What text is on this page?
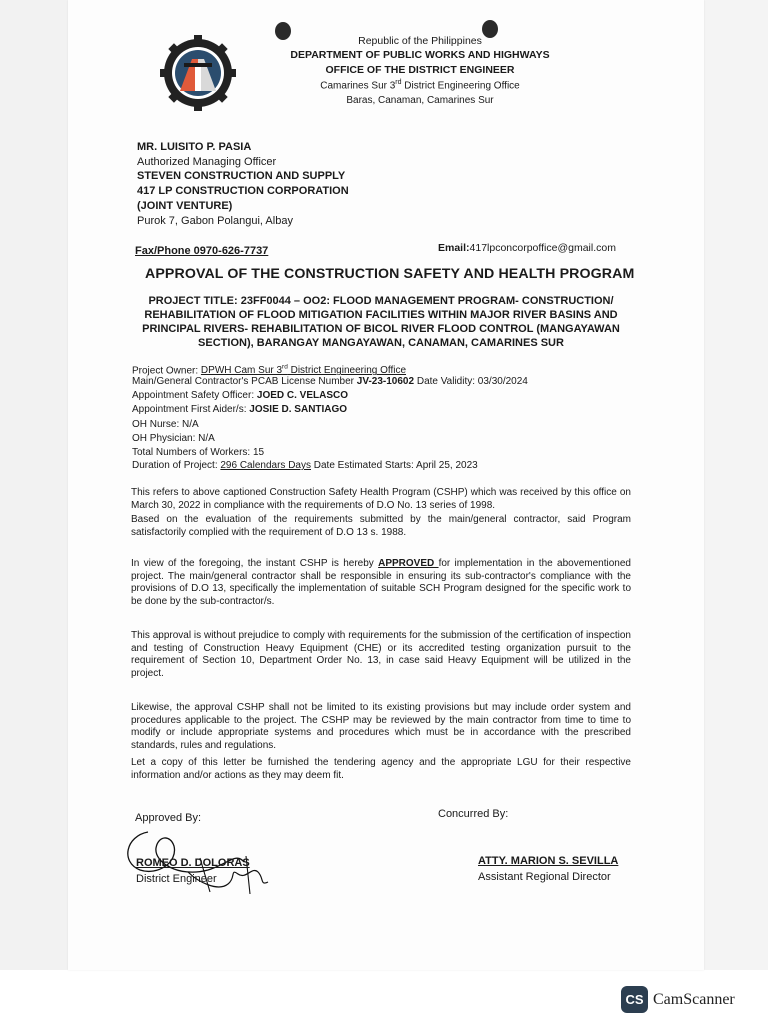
Republic of the Philippines
DEPARTMENT OF PUBLIC WORKS AND HIGHWAYS
OFFICE OF THE DISTRICT ENGINEER
Camarines Sur 3rd District Engineering Office
Baras, Canaman, Camarines Sur
MR. LUISITO P. PASIA
Authorized Managing Officer
STEVEN CONSTRUCTION AND SUPPLY
417 LP CONSTRUCTION CORPORATION
(JOINT VENTURE)
Purok 7, Gabon Polangui, Albay
Fax/Phone 0970-626-7737	Email:417lpconcorpoffice@gmail.com
APPROVAL OF THE CONSTRUCTION SAFETY AND HEALTH PROGRAM
PROJECT TITLE: 23FF0044 – OO2: FLOOD MANAGEMENT PROGRAM- CONSTRUCTION/ REHABILITATION OF FLOOD MITIGATION FACILITIES WITHIN MAJOR RIVER BASINS AND PRINCIPAL RIVERS- REHABILITATION OF BICOL RIVER FLOOD CONTROL (MANGAYAWAN SECTION), BARANGAY MANGAYAWAN, CANAMAN, CAMARINES SUR
Project Owner: DPWH Cam Sur 3rd District Engineering Office
Main/General Contractor's PCAB License Number JV-23-10602 Date Validity: 03/30/2024
Appointment Safety Officer: JOED C. VELASCO
Appointment First Aider/s: JOSIE D. SANTIAGO
OH Nurse: N/A
OH Physician: N/A
Total Numbers of Workers: 15
Duration of Project: 296 Calendars Days Date Estimated Starts: April 25, 2023
This refers to above captioned Construction Safety Health Program (CSHP) which was received by this office on March 30, 2022 in compliance with the requirements of D.O No. 13 series of 1998.
Based on the evaluation of the requirements submitted by the main/general contractor, said Program satisfactorily complied with the requirement of D.O 13 s. 1988.
In view of the foregoing, the instant CSHP is hereby APPROVED for implementation in the abovementioned project. The main/general contractor shall be responsible in ensuring its sub-contractor's compliance with the provisions of D.O 13, specifically the implementation of suitable SCH Program designed for the specific work to be done by the sub-contractor/s.
This approval is without prejudice to comply with requirements for the submission of the certification of inspection and testing of Construction Heavy Equipment (CHE) or its accredited testing organization pursuit to the requirement of Section 10, Department Order No. 13, in case said Heavy Equipment will be utilized in the project.
Likewise, the approval CSHP shall not be limited to its existing provisions but may include order system and procedures applicable to the project. The CSHP may be reviewed by the main contractor from time to time to modify or include appropriate systems and procedures which must be in accordance with the prescribed standards, rules and regulations.
Let a copy of this letter be furnished the tendering agency and the appropriate LGU for their respective information and/or actions as they may deem fit.
Approved By:
ROMEO D. DOLORAS
District Engineer
Concurred By:
ATTY. MARION S. SEVILLA
Assistant Regional Director
CS CamScanner
